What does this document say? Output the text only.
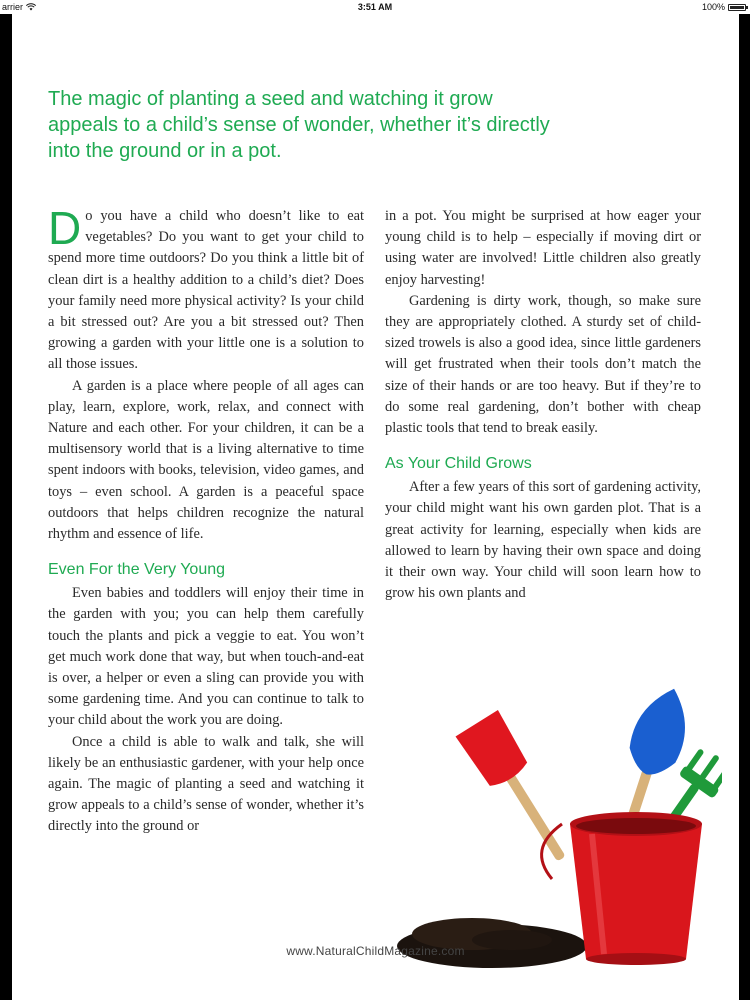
arrier	3:51 AM	100%
The magic of planting a seed and watching it grow appeals to a child’s sense of wonder, whether it’s directly into the ground or in a pot.

Do you have a child who doesn’t like to eat vegetables? Do you want to get your child to spend more time outdoors? Do you think a little bit of clean dirt is a healthy addition to a child’s diet? Does your family need more physical activity? Is your child a bit stressed out? Are you a bit stressed out? Then growing a garden with your little one is a solution to all those issues.

A garden is a place where people of all ages can play, learn, explore, work, relax, and connect with Nature and each other. For your children, it can be a multisensory world that is a living alternative to time spent indoors with books, television, video games, and toys – even school. A garden is a peaceful space outdoors that helps children recognize the natural rhythm and essence of life.

Even For the Very Young

Even babies and toddlers will enjoy their time in the garden with you; you can help them carefully touch the plants and pick a veggie to eat. You won’t get much work done that way, but when touch-and-eat is over, a helper or even a sling can provide you with some gardening time. And you can continue to talk to your child about the work you are doing.

Once a child is able to walk and talk, she will likely be an enthusiastic gardener, with your help once again. The magic of planting a seed and watching it grow appeals to a child’s sense of wonder, whether it’s directly into the ground or

in a pot. You might be surprised at how eager your young child is to help – especially if moving dirt or using water are involved! Little children also greatly enjoy harvesting!

Gardening is dirty work, though, so make sure they are appropriately clothed. A sturdy set of child-sized trowels is also a good idea, since little gardeners will get frustrated when their tools don’t match the size of their hands or are too heavy. But if they’re to do some real gardening, don’t bother with cheap plastic tools that tend to break easily.

As Your Child Grows

After a few years of this sort of gardening activity, your child might want his own garden plot. That is a great activity for learning, especially when kids are allowed to learn by having their own space and doing it their own way. Your child will soon learn how to grow his own plants and

www.NaturalChildMagazine.com
